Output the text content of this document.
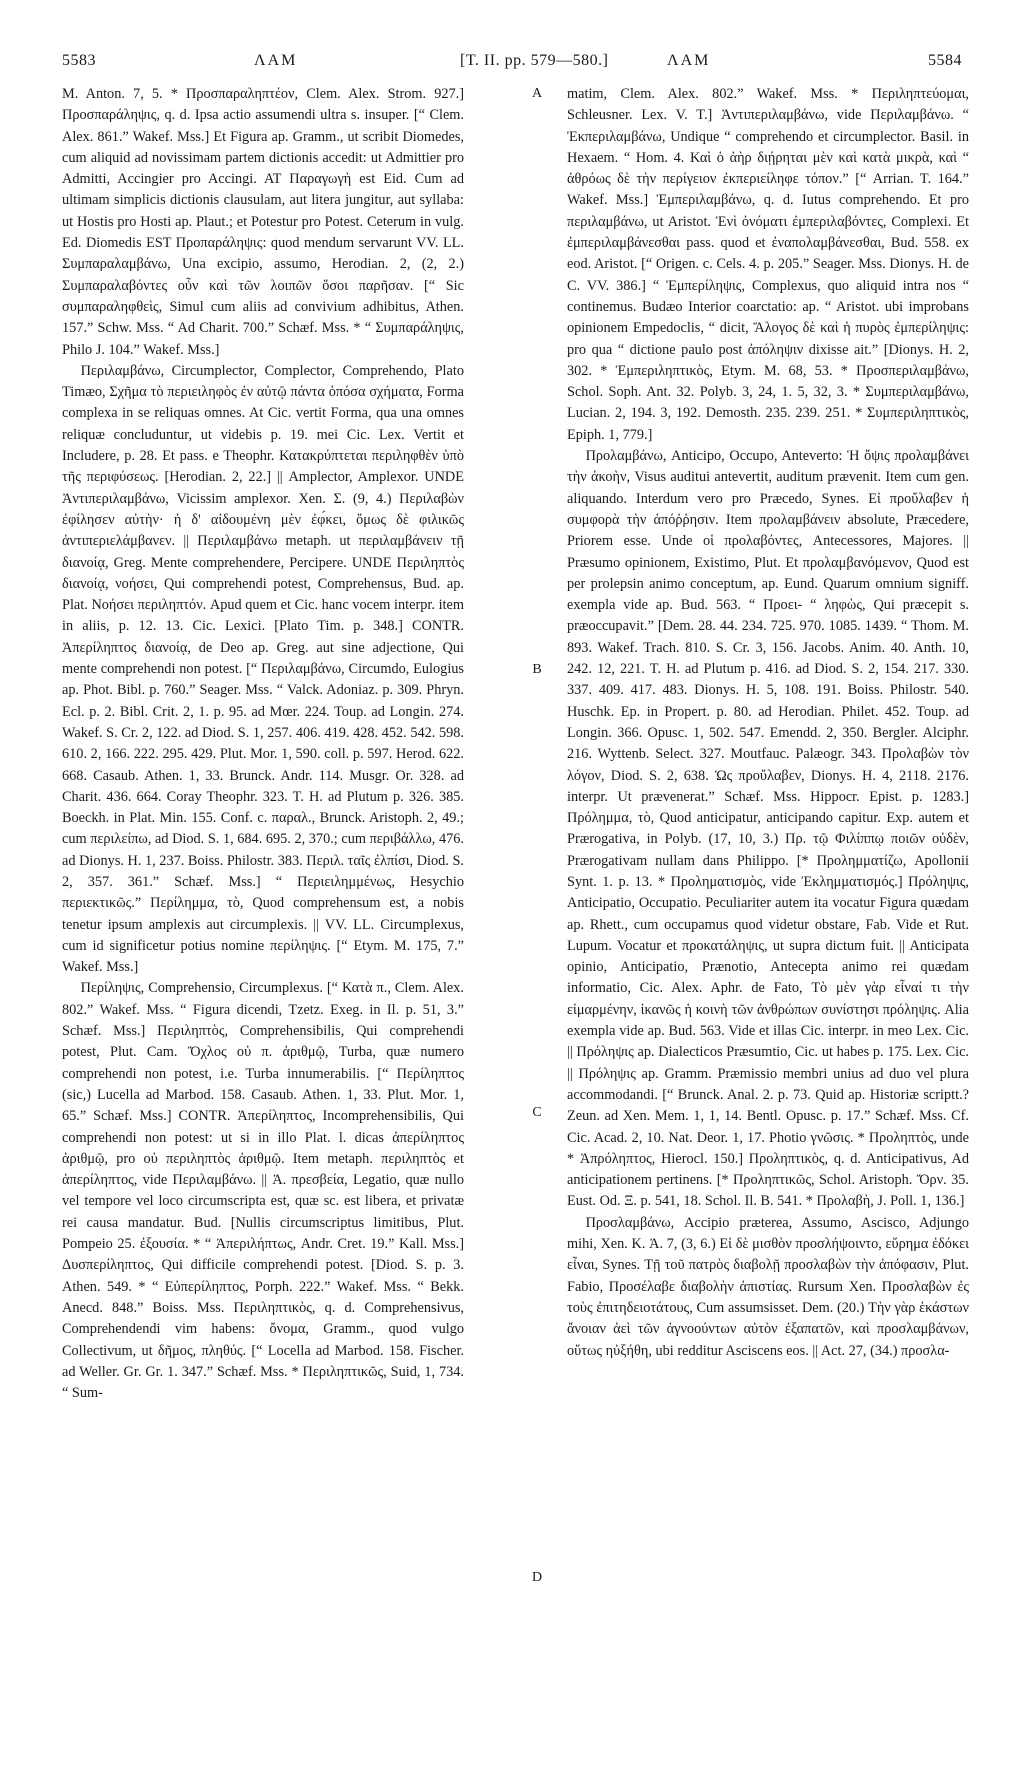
5583	ΛΑΜ	[T. II. pp. 579—580.]	ΛΑΜ	5584
A
B
C
D

M. Anton. 7, 5. * Προσπαραληπτέον, Clem. Alex. Strom. 927.] Προσπαράληψις, q. d. Ipsa actio assumendi ultra s. insuper. [“ Clem. Alex. 861.” Wakef. Mss.] Et Figura ap. Gramm., ut scribit Diomedes, cum aliquid ad novissimam partem dictionis accedit: ut Admittier pro Admitti, Accingier pro Accingi. AT Παραγωγὴ est Eid. Cum ad ultimam simplicis dictionis clausulam, aut litera jungitur, aut syllaba: ut Hostis pro Hosti ap. Plaut.; et Potestur pro Potest. Ceterum in vulg. Ed. Diomedis EST Προπαράληψις: quod mendum servarunt VV. LL. Συμπαραλαμβάνω, Una excipio, assumo, Herodian. 2, (2, 2.) Συμπαραλαβόντες οὖν καὶ τῶν λοιπῶν ὅσοι παρῆσαν. [“ Sic συμπαραληφθεὶς, Simul cum aliis ad convivium adhibitus, Athen. 157.” Schw. Mss. “ Ad Charit. 700.” Schæf. Mss. * “ Συμπαράληψις, Philo J. 104.” Wakef. Mss.]

Περιλαμβάνω, Circumplector, Complector, Comprehendo, Plato Timæo, Σχῆμα τὸ περιειληφὸς ἐν αὐτῷ πάντα ὁπόσα σχήματα, Forma complexa in se reliquas omnes. At Cic. vertit Forma, qua una omnes reliquæ concluduntur, ut videbis p. 19. mei Cic. Lex. Vertit et Includere, p. 28. Et pass. e Theophr. Κατακρύπτεται περιληφθὲν ὑπὸ τῆς περιφύσεως. [Herodian. 2, 22.] || Amplector, Amplexor. UNDE Ἀντιπεριλαμβάνω, Vicissim amplexor. Xen. Σ. (9, 4.) Περιλαβὼν ἐφίλησεν αὐτὴν· ἡ δ' αἰδουμένη μὲν ἐφ́κει, ὅμως δὲ φιλικῶς ἀντιπεριελάμβανεν. || Περιλαμβάνω metaph. ut περιλαμβάνειν τῇ διανοίᾳ, Greg. Mente comprehendere, Percipere. UNDE Περιληπτὸς διανοίᾳ, νοήσει, Qui comprehendi potest, Comprehensus, Bud. ap. Plat. Νοήσει περιληπτόν. Apud quem et Cic. hanc vocem interpr. item in aliis, p. 12. 13. Cic. Lexici. [Plato Tim. p. 348.] CONTR. Ἀπερίληπτος διανοίᾳ, de Deo ap. Greg. aut sine adjectione, Qui mente comprehendi non potest. [“ Περιλαμβάνω, Circumdo, Eulogius ap. Phot. Bibl. p. 760.” Seager. Mss. “ Valck. Adoniaz. p. 309. Phryn. Ecl. p. 2. Bibl. Crit. 2, 1. p. 95. ad Mœr. 224. Toup. ad Longin. 274. Wakef. S. Cr. 2, 122. ad Diod. S. 1, 257. 406. 419. 428. 452. 542. 598. 610. 2, 166. 222. 295. 429. Plut. Mor. 1, 590. coll. p. 597. Herod. 622. 668. Casaub. Athen. 1, 33. Brunck. Andr. 114. Musgr. Or. 328. ad Charit. 436. 664. Coray Theophr. 323. T. H. ad Plutum p. 326. 385. Boeckh. in Plat. Min. 155. Conf. c. παραλ., Brunck. Aristoph. 2, 49.; cum περιλείπω, ad Diod. S. 1, 684. 695. 2, 370.; cum περιβάλλω, 476. ad Dionys. H. 1, 237. Boiss. Philostr. 383. Περιλ. ταῖς ἐλπίσι, Diod. S. 2, 357. 361.” Schæf. Mss.] “ Περιειλημμένως, Hesychio περιεκτικῶς.” Περίλημμα, τὸ, Quod comprehensum est, a nobis tenetur ipsum amplexis aut circumplexis. || VV. LL. Circumplexus, cum id significetur potius nomine περίληψις. [“ Etym. M. 175, 7.” Wakef. Mss.]

Περίληψις, Comprehensio, Circumplexus. [“ Κατὰ π., Clem. Alex. 802.” Wakef. Mss. “ Figura dicendi, Tzetz. Exeg. in Il. p. 51, 3.” Schæf. Mss.] Περιληπτὸς, Comprehensibilis, Qui comprehendi potest, Plut. Cam. Ὄχλος οὐ π. ἀριθμῷ, Turba, quæ numero comprehendi non potest, i.e. Turba innumerabilis. [“ Περίληπτος (sic,) Lucella ad Marbod. 158. Casaub. Athen. 1, 33. Plut. Mor. 1, 65.” Schæf. Mss.] CONTR. Ἀπερίληπτος, Incomprehensibilis, Qui comprehendi non potest: ut si in illo Plat. l. dicas ἀπερίληπτος ἀριθμῷ, pro οὐ περιληπτὸς ἀριθμῷ. Item metaph. περιληπτὸς et ἀπερίληπτος, vide Περιλαμβάνω. || Ἀ. πρεσβεία, Legatio, quæ nullo vel tempore vel loco circumscripta est, quæ sc. est libera, et privatæ rei causa mandatur. Bud. [Nullis circumscriptus limitibus, Plut. Pompeio 25. ἐξουσία. * “ Ἀπεριλήπτως, Andr. Cret. 19.” Kall. Mss.] Δυσπερίληπτος, Qui difficile comprehendi potest. [Diod. S. p. 3. Athen. 549. * “ Εὐπερίληπτος, Porph. 222.” Wakef. Mss. “ Bekk. Anecd. 848.” Boiss. Mss. Περιληπτικὸς, q. d. Comprehensivus, Comprehendendi vim habens: ὄνομα, Gramm., quod vulgo Collectivum, ut δῆμος, πληθύς. [“ Locella ad Marbod. 158. Fischer. ad Weller. Gr. Gr. 1. 347.” Schæf. Mss. * Περιληπτικῶς, Suid, 1, 734. “ Sum-

matim, Clem. Alex. 802.” Wakef. Mss. * Περιληπτεύομαι, Schleusner. Lex. V. T.] Ἀντιπεριλαμβάνω, vide Περιλαμβάνω. “ Ἐκπεριλαμβάνω, Undique “ comprehendo et circumplector. Basil. in Hexaem. “ Hom. 4. Καὶ ὁ ἀὴρ διῄρηται μὲν καὶ κατὰ μικρὰ, καὶ “ ἀθρόως δὲ τὴν περίγειον ἐκπεριείληφε τόπον.” [“ Arrian. T. 164.” Wakef. Mss.] Ἐμπεριλαμβάνω, q. d. Iutus comprehendo. Et pro περιλαμβάνω, ut Aristot. Ἑνὶ ὀνόματι ἐμπεριλαβόντες, Complexi. Et ἐμπεριλαμβάνεσθαι pass. quod et ἐναπολαμβάνεσθαι, Bud. 558. ex eod. Aristot. [“ Origen. c. Cels. 4. p. 205.” Seager. Mss. Dionys. H. de C. VV. 386.] “ Ἐμπερίληψις, Complexus, quo aliquid intra nos “ continemus. Budæo Interior coarctatio: ap. “ Aristot. ubi improbans opinionem Empedoclis, “ dicit, Ἄλογος δὲ καὶ ἡ πυρὸς ἐμπερίληψις: pro qua “ dictione paulo post ἀπόληψιν dixisse ait.” [Dionys. H. 2, 302. * Ἐμπεριληπτικὸς, Etym. M. 68, 53. * Προσπεριλαμβάνω, Schol. Soph. Ant. 32. Polyb. 3, 24, 1. 5, 32, 3. * Συμπεριλαμβάνω, Lucian. 2, 194. 3, 192. Demosth. 235. 239. 251. * Συμπεριληπτικὸς, Epiph. 1, 779.]

Προλαμβάνω, Anticipo, Occupo, Anteverto: Ἡ ὄψις προλαμβάνει τὴν ἀκοὴν, Visus auditui antevertit, auditum prævenit. Item cum gen. aliquando. Interdum vero pro Præcedo, Synes. Εἰ προὔλαβεν ἡ συμφορὰ τὴν ἀπόῤῥησιν. Item προλαμβάνειν absolute, Præcedere, Priorem esse. Unde οἱ προλαβόντες, Antecessores, Majores. || Præsumo opinionem, Existimo, Plut. Et προλαμβανόμενον, Quod est per prolepsin animo conceptum, ap. Eund. Quarum omnium signiff. exempla vide ap. Bud. 563. “ Προει- “ ληφὼς, Qui præcepit s. præoccupavit.” [Dem. 28. 44. 234. 725. 970. 1085. 1439. “ Thom. M. 893. Wakef. Trach. 810. S. Cr. 3, 156. Jacobs. Anim. 40. Anth. 10, 242. 12, 221. T. H. ad Plutum p. 416. ad Diod. S. 2, 154. 217. 330. 337. 409. 417. 483. Dionys. H. 5, 108. 191. Boiss. Philostr. 540. Huschk. Ep. in Propert. p. 80. ad Herodian. Philet. 452. Toup. ad Longin. 366. Opusc. 1, 502. 547. Emendd. 2, 350. Bergler. Alciphr. 216. Wyttenb. Select. 327. Moutfauc. Palæogr. 343. Προλαβὼν τὸν λόγον, Diod. S. 2, 638. Ὡς προὔλαβεν, Dionys. H. 4, 2118. 2176. interpr. Ut prævenerat.” Schæf. Mss. Hippocr. Epist. p. 1283.] Πρόλημμα, τὸ, Quod anticipatur, anticipando capitur. Exp. autem et Prærogativa, in Polyb. (17, 10, 3.) Πρ. τῷ Φιλίππῳ ποιῶν οὐδὲν, Prærogativam nullam dans Philippo. [* Προλημματίζω, Apollonii Synt. 1. p. 13. * Προληματισμὸς, vide Ἐκλημματισμός.] Πρόληψις, Anticipatio, Occupatio. Peculiariter autem ita vocatur Figura quædam ap. Rhett., cum occupamus quod videtur obstare, Fab. Vide et Rut. Lupum. Vocatur et προκατάληψις, ut supra dictum fuit. || Anticipata opinio, Anticipatio, Prænotio, Antecepta animo rei quædam informatio, Cic. Alex. Aphr. de Fato, Τὸ μὲν γὰρ εἶναί τι τὴν εἱμαρμένην, ἱκανῶς ἡ κοινὴ τῶν ἀνθρώπων συνίστησι πρόληψις. Alia exempla vide ap. Bud. 563. Vide et illas Cic. interpr. in meo Lex. Cic. || Πρόληψις ap. Dialecticos Præsumtio, Cic. ut habes p. 175. Lex. Cic. || Πρόληψις ap. Gramm. Præmissio membri unius ad duo vel plura accommodandi. [“ Brunck. Anal. 2. p. 73. Quid ap. Historiæ scriptt.? Zeun. ad Xen. Mem. 1, 1, 14. Bentl. Opusc. p. 17.” Schæf. Mss. Cf. Cic. Acad. 2, 10. Nat. Deor. 1, 17. Photio γνῶσις. * Προληπτὸς, unde * Ἀπρόληπτος, Hierocl. 150.] Προληπτικὸς, q. d. Anticipativus, Ad anticipationem pertinens. [* Προληπτικῶς, Schol. Aristoph. Ὄρν. 35. Eust. Od. Ξ. p. 541, 18. Schol. Il. Β. 541. * Προλαβὴ, J. Poll. 1, 136.]

Προσλαμβάνω, Accipio præterea, Assumo, Ascisco, Adjungo mihi, Xen. K. Ἀ. 7, (3, 6.) Εἰ δὲ μισθὸν προσλήψοιντο, εὕρημα ἐδόκει εἶναι, Synes. Τῇ τοῦ πατρὸς διαβολῇ προσλαβὼν τὴν ἀπόφασιν, Plut. Fabio, Προσέλαβε διαβολὴν ἀπιστίας. Rursum Xen. Προσλαβὼν ἐς τοὺς ἐπιτηδειοτάτους, Cum assumsisset. Dem. (20.) Τὴν γὰρ ἑκάστων ἄνοιαν ἀεὶ τῶν ἀγνοούντων αὐτὸν ἐξαπατῶν, καὶ προσλαμβάνων, οὕτως ηὐξήθη, ubi redditur Asciscens eos. || Act. 27, (34.) προσλα-
